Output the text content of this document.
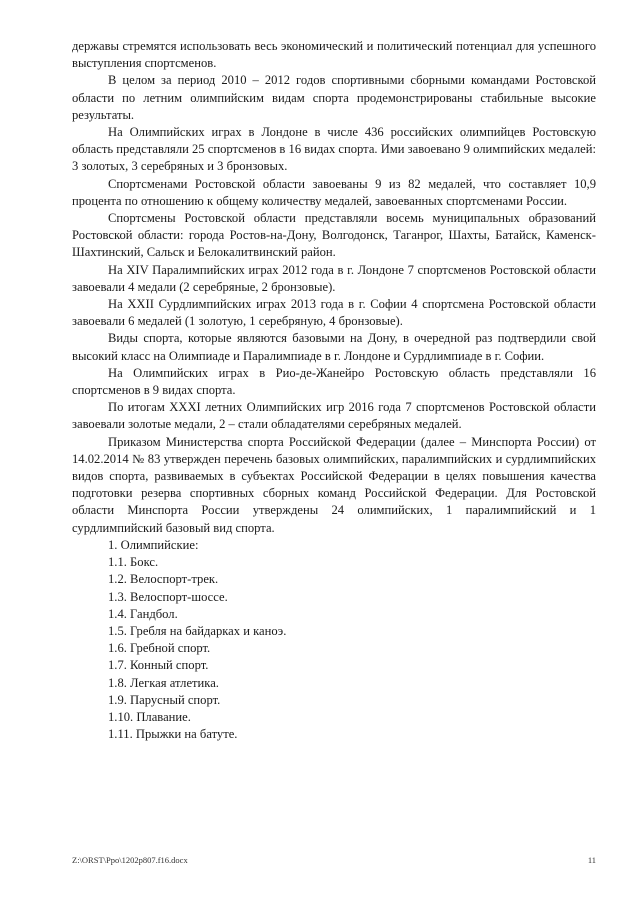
державы стремятся использовать весь экономический и политический потенциал для успешного выступления спортсменов.

В целом за период 2010 – 2012 годов спортивными сборными командами Ростовской области по летним олимпийским видам спорта продемонстрированы стабильные высокие результаты.

На Олимпийских играх в Лондоне в числе 436 российских олимпийцев Ростовскую область представляли 25 спортсменов в 16 видах спорта. Ими завоевано 9 олимпийских медалей: 3 золотых, 3 серебряных и 3 бронзовых.

Спортсменами Ростовской области завоеваны 9 из 82 медалей, что составляет 10,9 процента по отношению к общему количеству медалей, завоеванных спортсменами России.

Спортсмены Ростовской области представляли восемь муниципальных образований Ростовской области: города Ростов-на-Дону, Волгодонск, Таганрог, Шахты, Батайск, Каменск-Шахтинский, Сальск и Белокалитвинский район.

На XIV Паралимпийских играх 2012 года в г. Лондоне 7 спортсменов Ростовской области завоевали 4 медали (2 серебряные, 2 бронзовые).

На XXII Сурдлимпийских играх 2013 года в г. Софии 4 спортсмена Ростовской области завоевали 6 медалей (1 золотую, 1 серебряную, 4 бронзовые).

Виды спорта, которые являются базовыми на Дону, в очередной раз подтвердили свой высокий класс на Олимпиаде и Паралимпиаде в г. Лондоне и Сурдлимпиаде в г. Софии.

На Олимпийских играх в Рио-де-Жанейро Ростовскую область представляли 16 спортсменов в 9 видах спорта.

По итогам XXXI летних Олимпийских игр 2016 года 7 спортсменов Ростовской области завоевали золотые медали, 2 – стали обладателями серебряных медалей.

Приказом Министерства спорта Российской Федерации (далее – Минспорта России) от 14.02.2014 № 83 утвержден перечень базовых олимпийских, паралимпийских и сурдлимпийских видов спорта, развиваемых в субъектах Российской Федерации в целях повышения качества подготовки резерва спортивных сборных команд Российской Федерации. Для Ростовской области Минспорта России утверждены 24 олимпийских, 1 паралимпийский и 1 сурдлимпийский базовый вид спорта.

1. Олимпийские:
1.1. Бокс.
1.2. Велоспорт-трек.
1.3. Велоспорт-шоссе.
1.4. Гандбол.
1.5. Гребля на байдарках и каноэ.
1.6. Гребной спорт.
1.7. Конный спорт.
1.8. Легкая атлетика.
1.9. Парусный спорт.
1.10. Плавание.
1.11. Прыжки на батуте.
Z:\ORST\Ppo\1202p807.f16.docx	11
